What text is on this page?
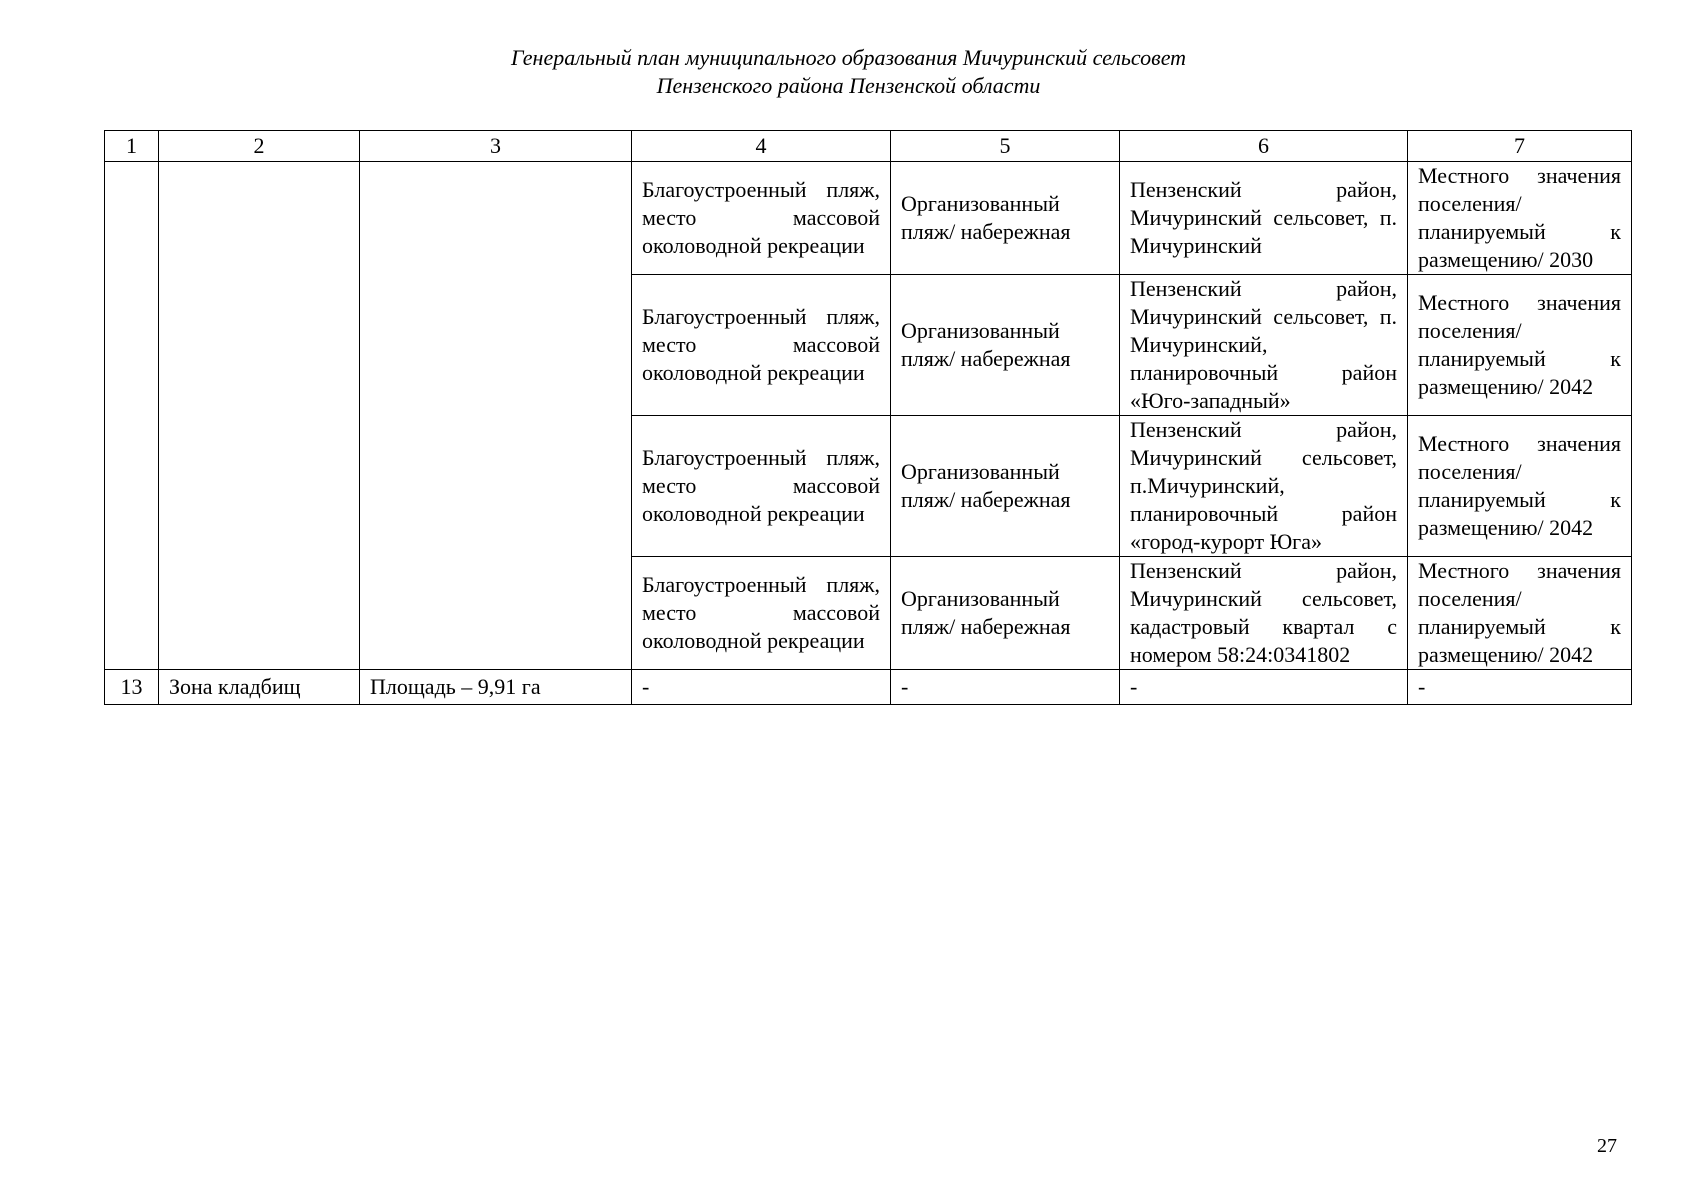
Генеральный план муниципального образования Мичуринский сельсовет
Пензенского района Пензенской области
1	2	3	4	5	6	7
			Благоустроенный пляж, место массовой околоводной рекреации	Организованный пляж/ набережная	Пензенский район, Мичуринский сельсовет, п. Мичуринский	Местного значения поселения/ планируемый к размещению/ 2030
			Благоустроенный пляж, место массовой околоводной рекреации	Организованный пляж/ набережная	Пензенский район, Мичуринский сельсовет, п. Мичуринский, планировочный район «Юго-западный»	Местного значения поселения/ планируемый к размещению/ 2042
			Благоустроенный пляж, место массовой околоводной рекреации	Организованный пляж/ набережная	Пензенский район, Мичуринский сельсовет, п.Мичуринский, планировочный район «город-курорт Юга»	Местного значения поселения/ планируемый к размещению/ 2042
			Благоустроенный пляж, место массовой околоводной рекреации	Организованный пляж/ набережная	Пензенский район, Мичуринский сельсовет, кадастровый квартал с номером 58:24:0341802	Местного значения поселения/ планируемый к размещению/ 2042
13	Зона кладбищ	Площадь – 9,91 га	-	-	-	-
27
